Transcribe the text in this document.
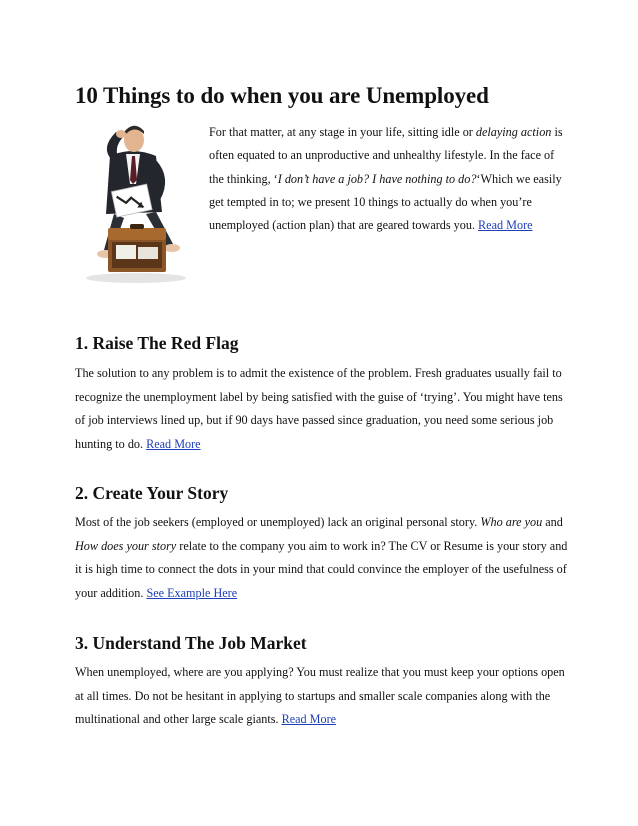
10 Things to do when you are Unemployed

For that matter, at any stage in your life, sitting idle or delaying action is often equated to an unproductive and unhealthy lifestyle. In the face of the thinking, ‘I don’t have a job? I have nothing to do?‘Which we easily get tempted in to; we present 10 things to actually do when you’re unemployed (action plan) that are geared towards you. Read More

1. Raise The Red Flag

The solution to any problem is to admit the existence of the problem. Fresh graduates usually fail to recognize the unemployment label by being satisfied with the guise of ‘trying’. You might have tens of job interviews lined up, but if 90 days have passed since graduation, you need some serious job hunting to do. Read More

2. Create Your Story

Most of the job seekers (employed or unemployed) lack an original personal story. Who are you and How does your story relate to the company you aim to work in? The CV or Resume is your story and it is high time to connect the dots in your mind that could convince the employer of the usefulness of your addition. See Example Here

3. Understand The Job Market

When unemployed, where are you applying? You must realize that you must keep your options open at all times. Do not be hesitant in applying to startups and smaller scale companies along with the multinational and other large scale giants. Read More
